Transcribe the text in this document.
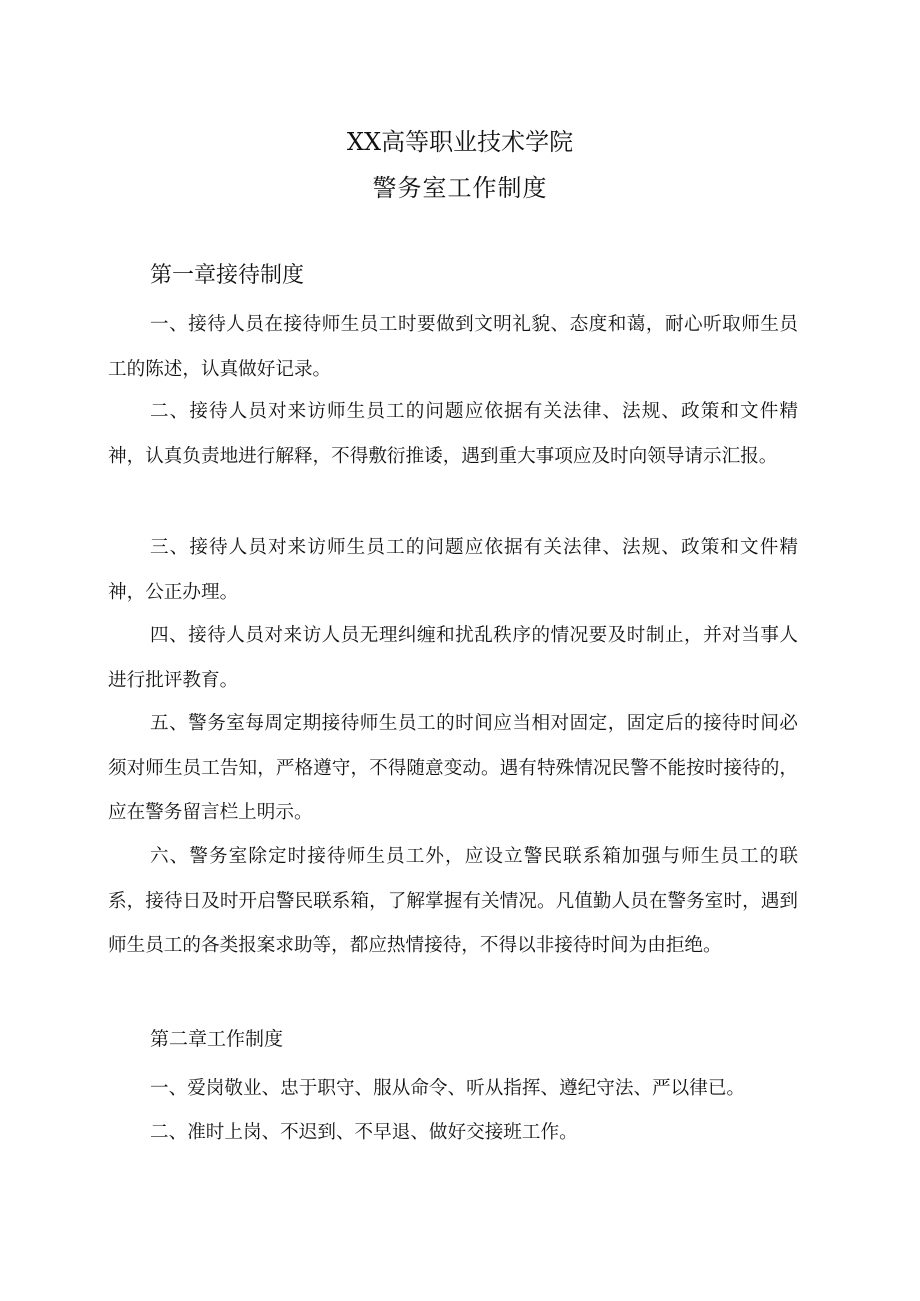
XX高等职业技术学院
警务室工作制度
第一章接待制度

一、接待人员在接待师生员工时要做到文明礼貌、态度和蔼，耐心听取师生员工的陈述，认真做好记录。

二、接待人员对来访师生员工的问题应依据有关法律、法规、政策和文件精神，认真负责地进行解释，不得敷衍推诿，遇到重大事项应及时向领导请示汇报。

三、接待人员对来访师生员工的问题应依据有关法律、法规、政策和文件精神，公正办理。

四、接待人员对来访人员无理纠缠和扰乱秩序的情况要及时制止，并对当事人进行批评教育。

五、警务室每周定期接待师生员工的时间应当相对固定，固定后的接待时间必须对师生员工告知，严格遵守，不得随意变动。遇有特殊情况民警不能按时接待的，应在警务留言栏上明示。

六、警务室除定时接待师生员工外，应设立警民联系箱加强与师生员工的联系，接待日及时开启警民联系箱，了解掌握有关情况。凡值勤人员在警务室时，遇到师生员工的各类报案求助等，都应热情接待，不得以非接待时间为由拒绝。

第二章工作制度

一、爱岗敬业、忠于职守、服从命令、听从指挥、遵纪守法、严以律已。

二、准时上岗、不迟到、不早退、做好交接班工作。
